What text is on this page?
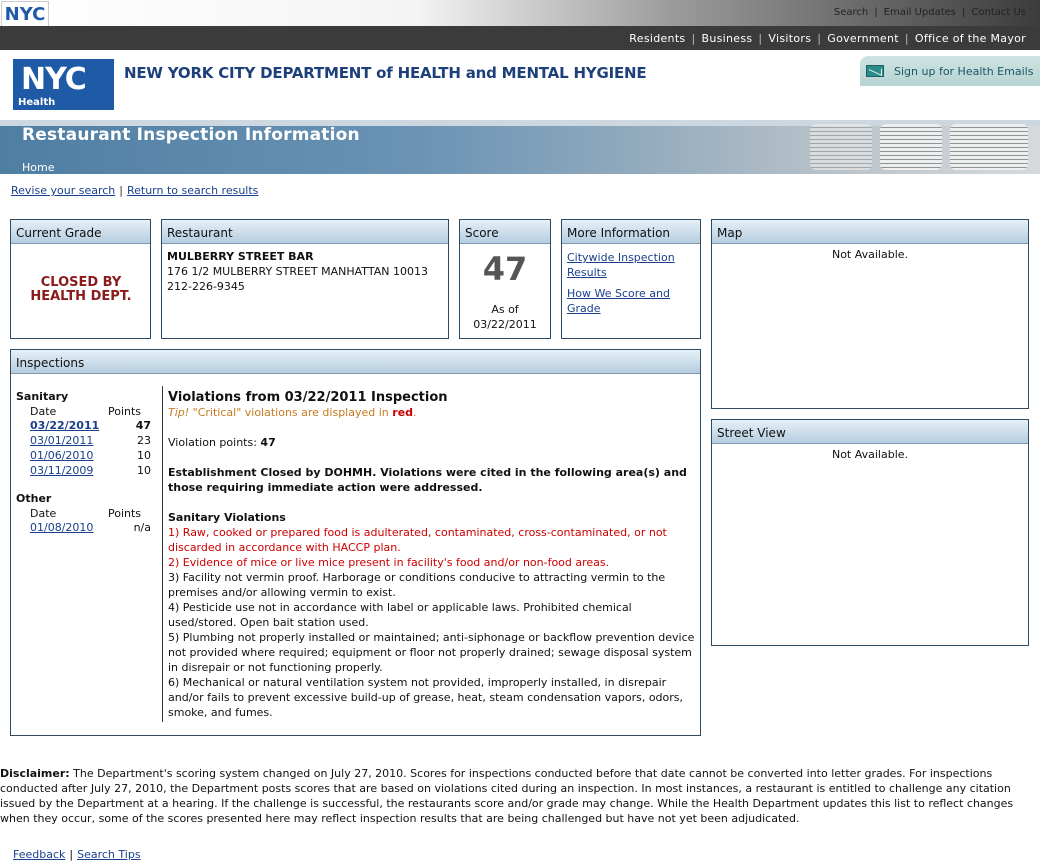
NYC	Search | Email Updates | Contact Us
Residents | Business | Visitors | Government | Office of the Mayor
NYC
Health
NEW YORK CITY DEPARTMENT of HEALTH and MENTAL HYGIENE	Sign up for Health Emails
Restaurant Inspection Information
Home
Revise your search | Return to search results
Current Grade
CLOSED BY
HEALTH DEPT.
Restaurant
MULBERRY STREET BAR
176 1/2 MULBERRY STREET MANHATTAN 10013
212-226-9345
Score
47
As of
03/22/2011
More Information
Citywide Inspection Results
How We Score and Grade
Map
Not Available.
Street View
Not Available.
Inspections
Sanitary
Date	Points
03/22/2011	47
03/01/2011	23
01/06/2010	10
03/11/2009	10
Other
Date	Points
01/08/2010	n/a
Violations from 03/22/2011 Inspection
Tip! "Critical" violations are displayed in red.
Violation points: 47
Establishment Closed by DOHMH. Violations were cited in the following area(s) and those requiring immediate action were addressed.
Sanitary Violations
1) Raw, cooked or prepared food is adulterated, contaminated, cross-contaminated, or not discarded in accordance with HACCP plan.
2) Evidence of mice or live mice present in facility's food and/or non-food areas.
3) Facility not vermin proof. Harborage or conditions conducive to attracting vermin to the premises and/or allowing vermin to exist.
4) Pesticide use not in accordance with label or applicable laws. Prohibited chemical used/stored. Open bait station used.
5) Plumbing not properly installed or maintained; anti-siphonage or backflow prevention device not provided where required; equipment or floor not properly drained; sewage disposal system in disrepair or not functioning properly.
6) Mechanical or natural ventilation system not provided, improperly installed, in disrepair and/or fails to prevent excessive build-up of grease, heat, steam condensation vapors, odors, smoke, and fumes.
Disclaimer: The Department's scoring system changed on July 27, 2010. Scores for inspections conducted before that date cannot be converted into letter grades. For inspections conducted after July 27, 2010, the Department posts scores that are based on violations cited during an inspection. In most instances, a restaurant is entitled to challenge any citation issued by the Department at a hearing. If the challenge is successful, the restaurants score and/or grade may change. While the Health Department updates this list to reflect changes when they occur, some of the scores presented here may reflect inspection results that are being challenged but have not yet been adjudicated.
Feedback | Search Tips
